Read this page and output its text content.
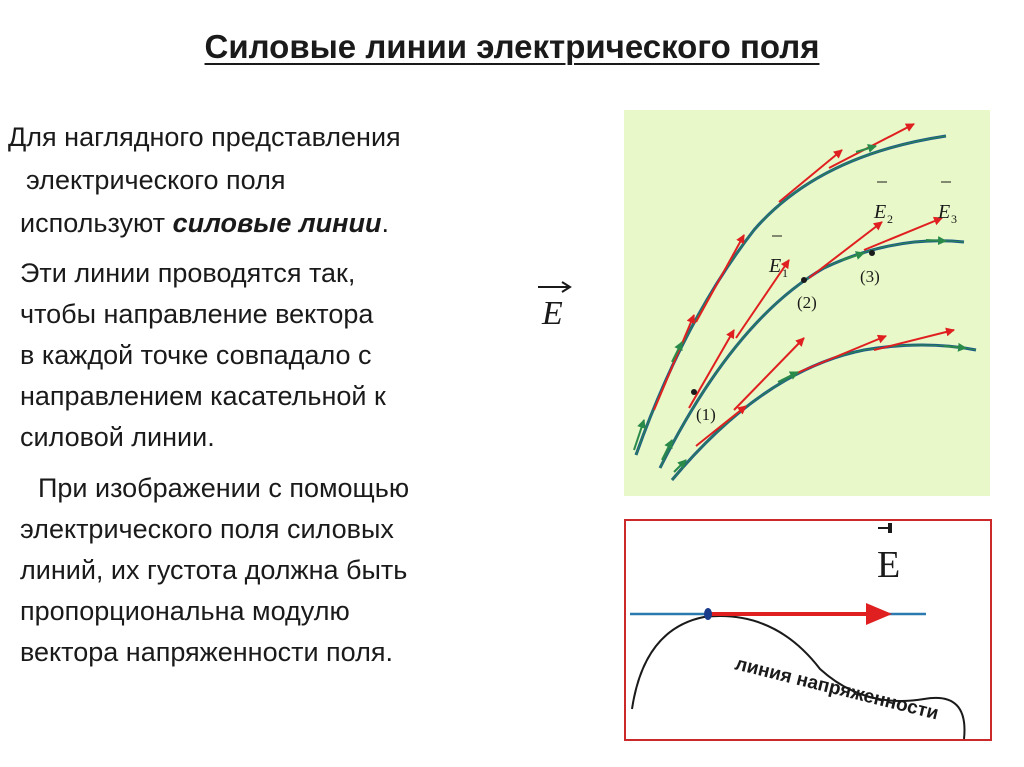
Силовые линии электрического поля
Для наглядного представления
электрического поля
используют силовые линии.
Эти линии проводятся так,
чтобы направление вектора	E
в каждой точке совпадало с
направлением касательной к
силовой линии.
При изображении с помощью
электрического поля силовых
линий, их густота должна быть
пропорциональна модулю
вектора напряженности поля.
E 1
E 2 E 3
(1)
(2)
(3)
E
линия напряженности
